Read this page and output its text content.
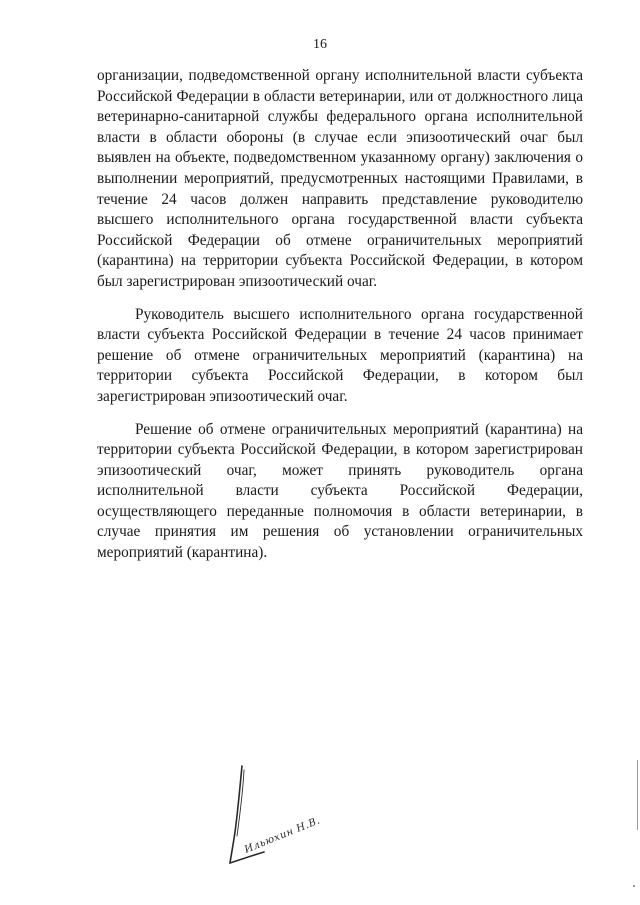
16

организации, подведомственной органу исполнительной власти субъекта Российской Федерации в области ветеринарии, или от должностного лица ветеринарно-санитарной службы федерального органа исполнительной власти в области обороны (в случае если эпизоотический очаг был выявлен на объекте, подведомственном указанному органу) заключения о выполнении мероприятий, предусмотренных настоящими Правилами, в течение 24 часов должен направить представление руководителю высшего исполнительного органа государственной власти субъекта Российской Федерации об отмене ограничительных мероприятий (карантина) на территории субъекта Российской Федерации, в котором был зарегистрирован эпизоотический очаг.

Руководитель высшего исполнительного органа государственной власти субъекта Российской Федерации в течение 24 часов принимает решение об отмене ограничительных мероприятий (карантина) на территории субъекта Российской Федерации, в котором был зарегистрирован эпизоотический очаг.

Решение об отмене ограничительных мероприятий (карантина) на территории субъекта Российской Федерации, в котором зарегистрирован эпизоотический очаг, может принять руководитель органа исполнительной власти субъекта Российской Федерации, осуществляющего переданные полномочия в области ветеринарии, в случае принятия им решения об установлении ограничительных мероприятий (карантина).

Ильюхин Н.В.
